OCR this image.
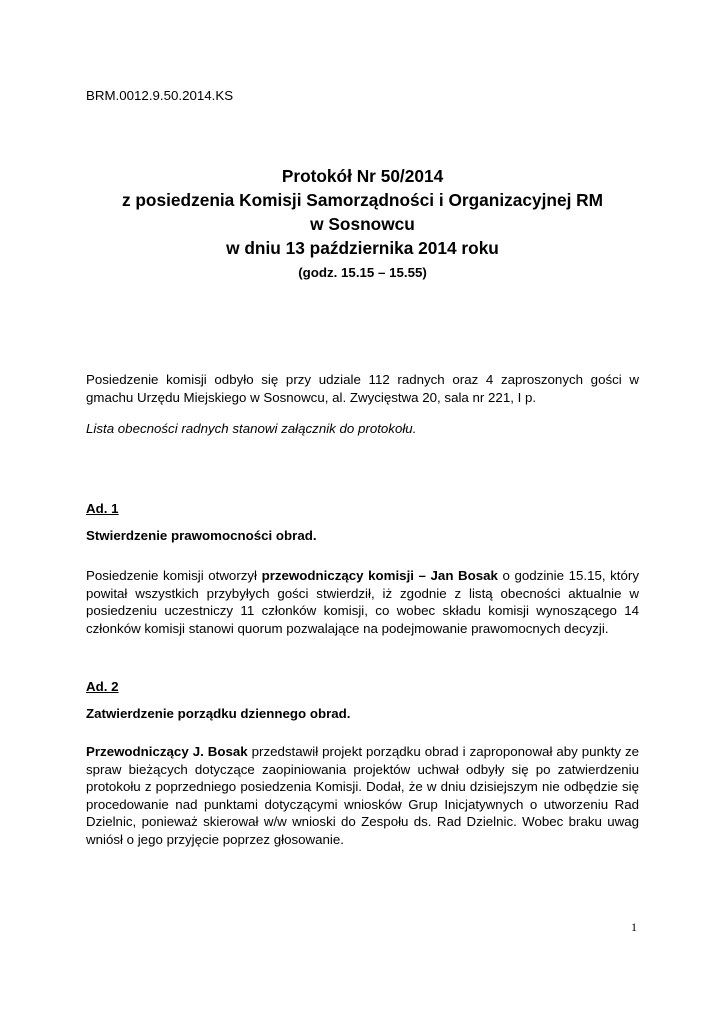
BRM.0012.9.50.2014.KS
Protokół Nr 50/2014
z posiedzenia Komisji Samorządności i Organizacyjnej RM
w Sosnowcu
w dniu 13 października 2014 roku
(godz. 15.15 – 15.55)
Posiedzenie komisji odbyło się przy udziale 112 radnych oraz 4 zaproszonych gości w gmachu Urzędu Miejskiego w Sosnowcu, al. Zwycięstwa 20, sala nr 221, I p.
Lista obecności radnych stanowi załącznik do protokołu.
Ad. 1
Stwierdzenie prawomocności obrad.
Posiedzenie komisji otworzył przewodniczący komisji – Jan Bosak o godzinie 15.15, który powitał wszystkich przybyłych gości stwierdził, iż zgodnie z listą obecności aktualnie w posiedzeniu uczestniczy 11 członków komisji, co wobec składu komisji wynoszącego 14 członków komisji stanowi quorum pozwalające na podejmowanie prawomocnych decyzji.
Ad. 2
Zatwierdzenie porządku dziennego obrad.
Przewodniczący J. Bosak przedstawił projekt porządku obrad i zaproponował aby punkty ze spraw bieżących dotyczące zaopiniowania projektów uchwał odbyły się po zatwierdzeniu protokołu z poprzedniego posiedzenia Komisji. Dodał, że w dniu dzisiejszym nie odbędzie się procedowanie nad punktami dotyczącymi wniosków Grup Inicjatywnych o utworzeniu Rad Dzielnic, ponieważ skierował w/w wnioski do Zespołu ds. Rad Dzielnic. Wobec braku uwag wniósł o jego przyjęcie poprzez głosowanie.
1
